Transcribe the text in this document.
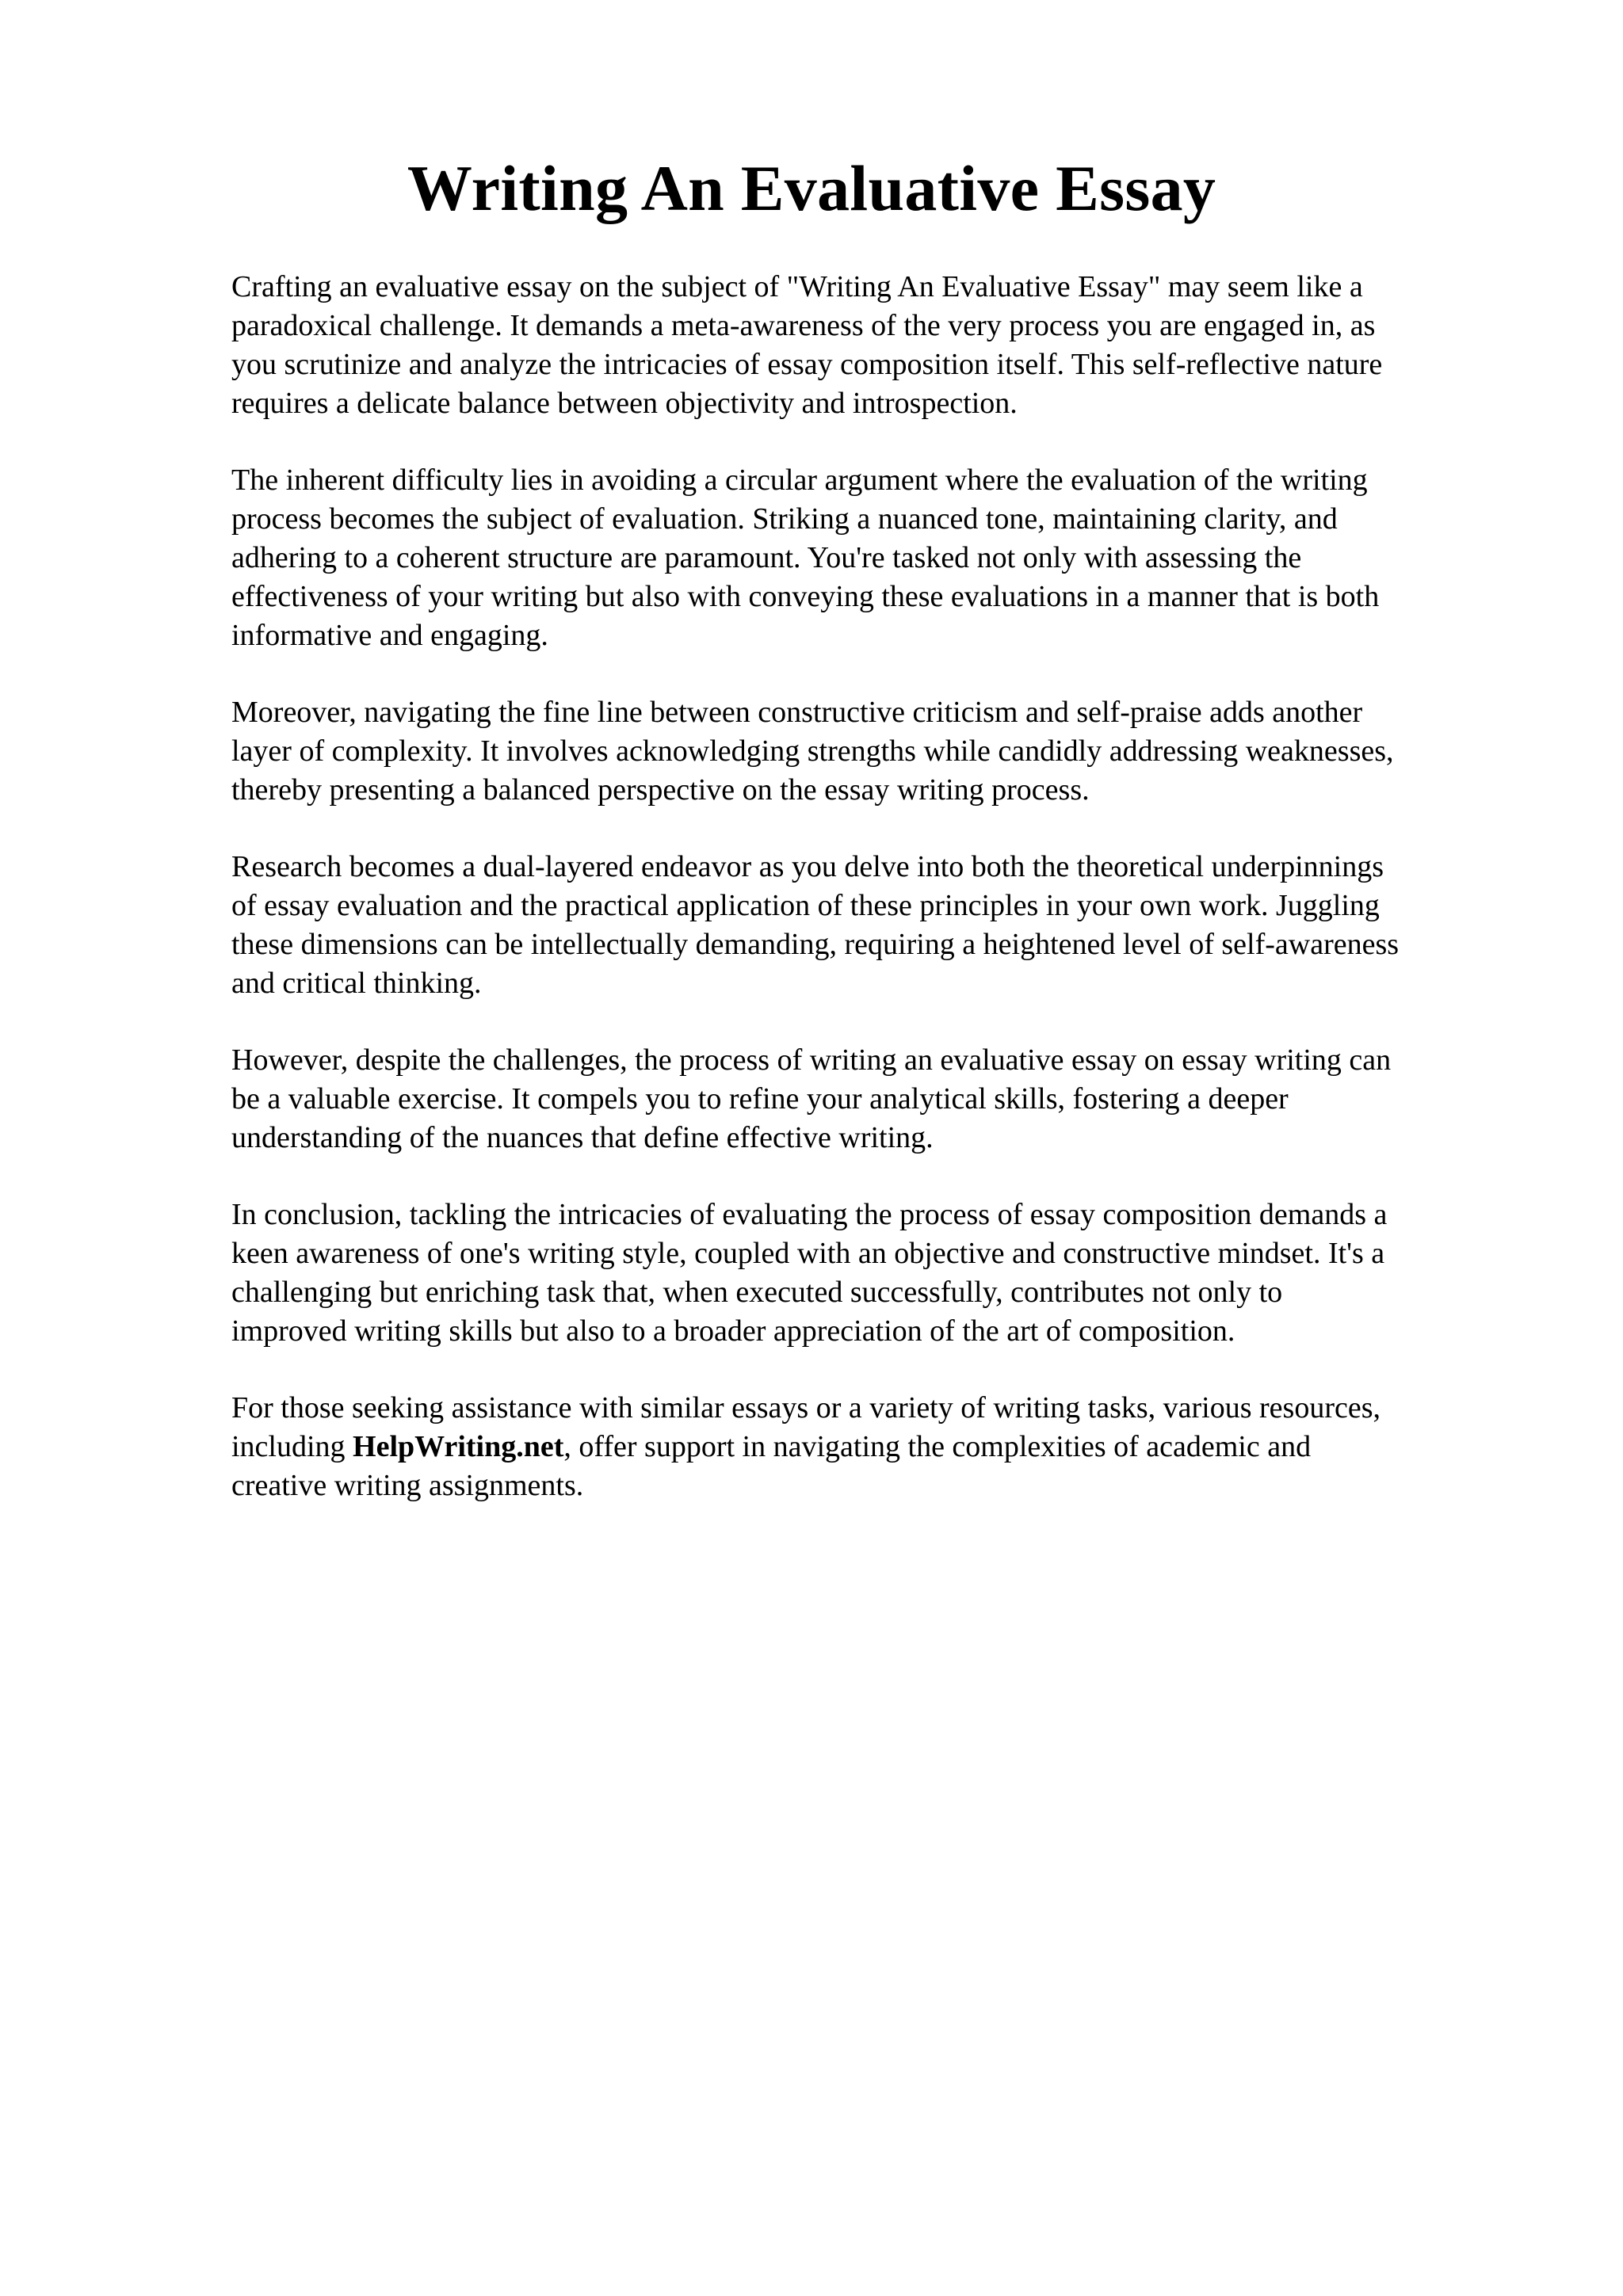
Writing An Evaluative Essay

Crafting an evaluative essay on the subject of "Writing An Evaluative Essay" may seem like a
paradoxical challenge. It demands a meta-awareness of the very process you are engaged in, as
you scrutinize and analyze the intricacies of essay composition itself. This self-reflective nature
requires a delicate balance between objectivity and introspection.

The inherent difficulty lies in avoiding a circular argument where the evaluation of the writing
process becomes the subject of evaluation. Striking a nuanced tone, maintaining clarity, and
adhering to a coherent structure are paramount. You're tasked not only with assessing the
effectiveness of your writing but also with conveying these evaluations in a manner that is both
informative and engaging.

Moreover, navigating the fine line between constructive criticism and self-praise adds another
layer of complexity. It involves acknowledging strengths while candidly addressing weaknesses,
thereby presenting a balanced perspective on the essay writing process.

Research becomes a dual-layered endeavor as you delve into both the theoretical underpinnings
of essay evaluation and the practical application of these principles in your own work. Juggling
these dimensions can be intellectually demanding, requiring a heightened level of self-awareness
and critical thinking.

However, despite the challenges, the process of writing an evaluative essay on essay writing can
be a valuable exercise. It compels you to refine your analytical skills, fostering a deeper
understanding of the nuances that define effective writing.

In conclusion, tackling the intricacies of evaluating the process of essay composition demands a
keen awareness of one's writing style, coupled with an objective and constructive mindset. It's a
challenging but enriching task that, when executed successfully, contributes not only to
improved writing skills but also to a broader appreciation of the art of composition.

For those seeking assistance with similar essays or a variety of writing tasks, various resources,
including HelpWriting.net, offer support in navigating the complexities of academic and
creative writing assignments.
